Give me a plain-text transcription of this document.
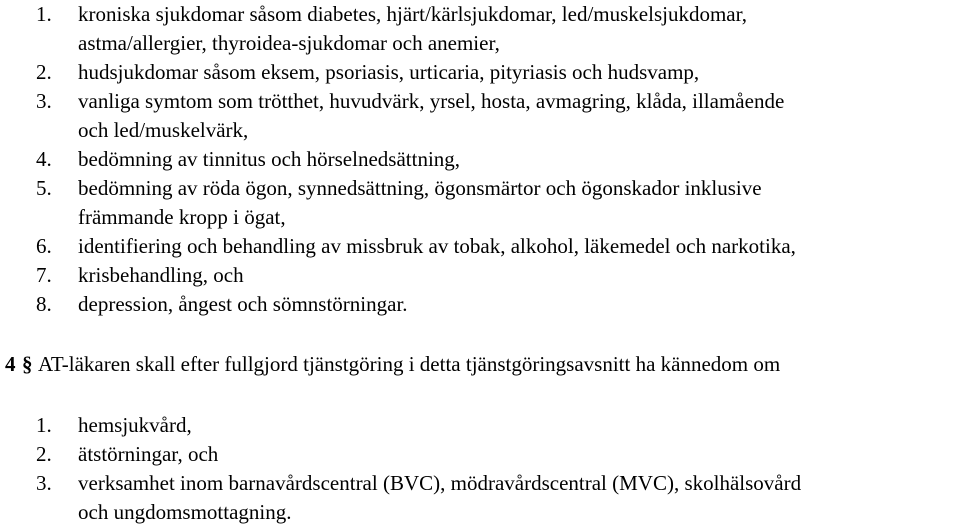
1.	kroniska sjukdomar såsom diabetes, hjärt/kärlsjukdomar, led/muskelsjukdomar,
astma/allergier, thyroidea-sjukdomar och anemier,
2.	hudsjukdomar såsom eksem, psoriasis, urticaria, pityriasis och hudsvamp,
3.	vanliga symtom som trötthet, huvudvärk, yrsel, hosta, avmagring, klåda, illamående
och led/muskelvärk,
4.	bedömning av tinnitus och hörselnedsättning,
5.	bedömning av röda ögon, synnedsättning, ögonsmärtor och ögonskador inklusive
främmande kropp i ögat,
6.	identifiering och behandling av missbruk av tobak, alkohol, läkemedel och narkotika,
7.	krisbehandling, och
8.	depression, ångest och sömnstörningar.
4 § AT-läkaren skall efter fullgjord tjänstgöring i detta tjänstgöringsavsnitt ha kännedom om
1.	hemsjukvård,
2.	ätstörningar, och
3.	verksamhet inom barnavårdscentral (BVC), mödravårdscentral (MVC), skolhälsovård
och ungdomsmottagning.
